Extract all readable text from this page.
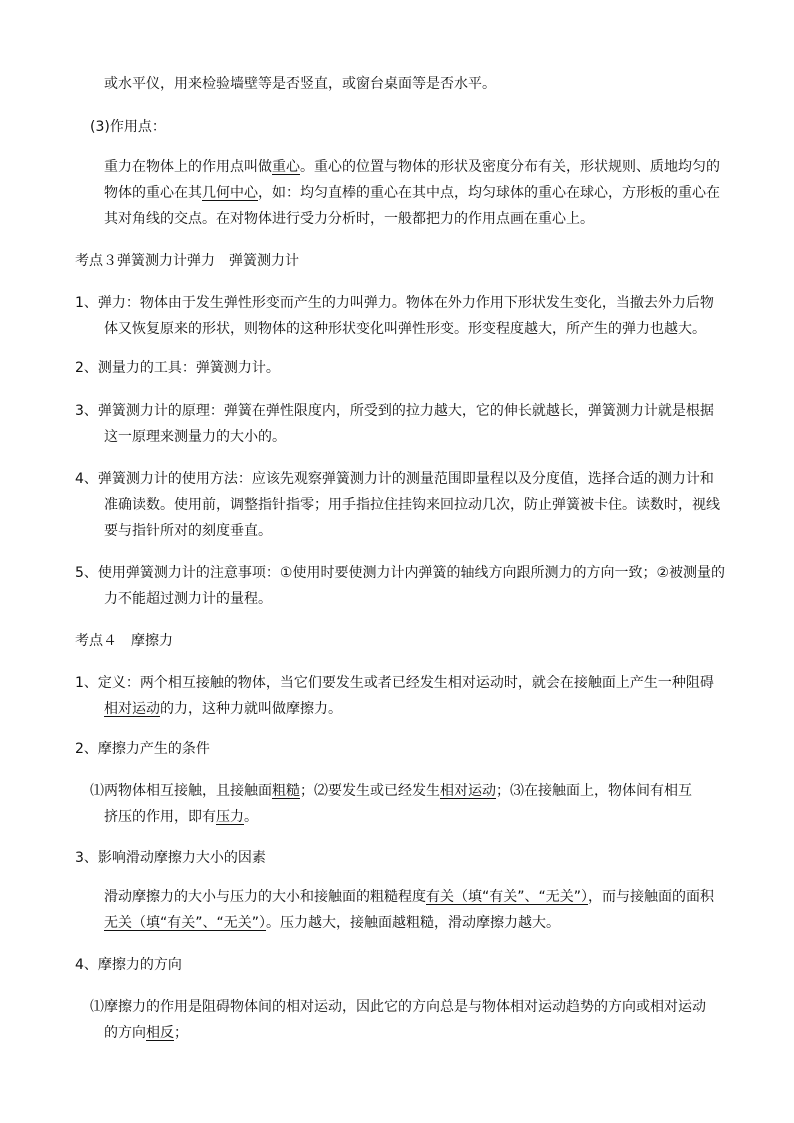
或水平仪，用来检验墙壁等是否竖直，或窗台桌面等是否水平。
(3)作用点：
重力在物体上的作用点叫做重心。重心的位置与物体的形状及密度分布有关，形状规则、质地均匀的
物体的重心在其几何中心，如：均匀直棒的重心在其中点，均匀球体的重心在球心，方形板的重心在
其对角线的交点。在对物体进行受力分析时，一般都把力的作用点画在重心上。
考点３弹簧测力计弹力　弹簧测力计
1、弹力：物体由于发生弹性形变而产生的力叫弹力。物体在外力作用下形状发生变化，当撤去外力后物
体又恢复原来的形状，则物体的这种形状变化叫弹性形变。形变程度越大，所产生的弹力也越大。
2、测量力的工具：弹簧测力计。
3、弹簧测力计的原理：弹簧在弹性限度内，所受到的拉力越大，它的伸长就越长，弹簧测力计就是根据
这一原理来测量力的大小的。
4、弹簧测力计的使用方法：应该先观察弹簧测力计的测量范围即量程以及分度值，选择合适的测力计和
准确读数。使用前，调整指针指零；用手指拉住挂钩来回拉动几次，防止弹簧被卡住。读数时，视线
要与指针所对的刻度垂直。
5、使用弹簧测力计的注意事项：①使用时要使测力计内弹簧的轴线方向跟所测力的方向一致；②被测量的
力不能超过测力计的量程。
考点４　摩擦力
1、定义：两个相互接触的物体，当它们要发生或者已经发生相对运动时，就会在接触面上产生一种阻碍
相对运动的力，这种力就叫做摩擦力。
2、摩擦力产生的条件
⑴两物体相互接触，且接触面粗糙；⑵要发生或已经发生相对运动；⑶在接触面上，物体间有相互
挤压的作用，即有压力。
3、影响滑动摩擦力大小的因素
滑动摩擦力的大小与压力的大小和接触面的粗糙程度有关（填“有关”、“无关”），而与接触面的面积
无关（填“有关”、“无关”）。压力越大，接触面越粗糙，滑动摩擦力越大。
4、摩擦力的方向
⑴摩擦力的作用是阻碍物体间的相对运动，因此它的方向总是与物体相对运动趋势的方向或相对运动
的方向相反；
